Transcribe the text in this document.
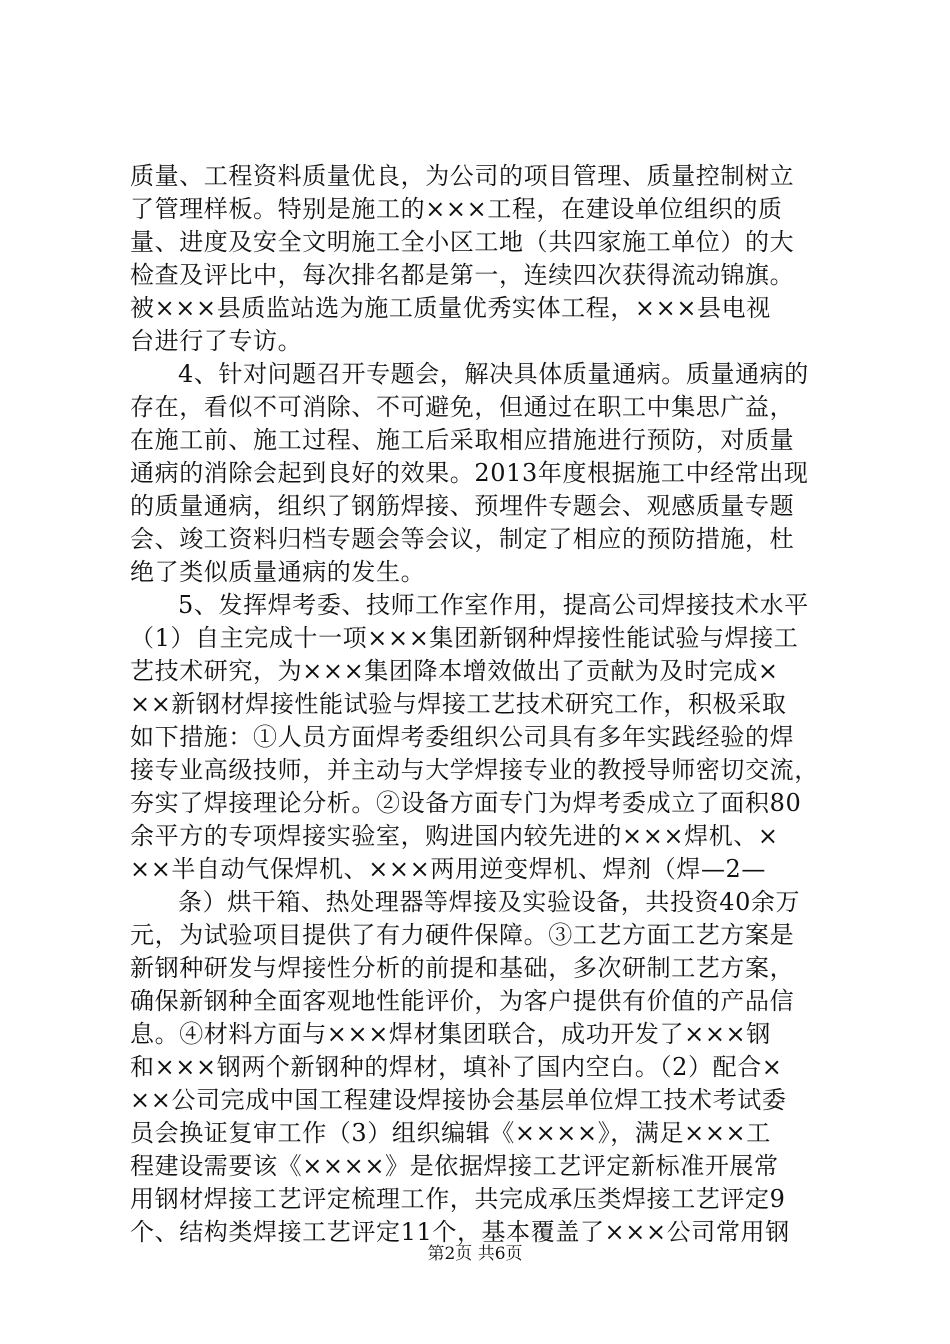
质量、工程资料质量优良，为公司的项目管理、质量控制树立
了管理样板。特别是施工的×××工程，在建设单位组织的质
量、进度及安全文明施工全小区工地（共四家施工单位）的大
检查及评比中，每次排名都是第一，连续四次获得流动锦旗。
被×××县质监站选为施工质量优秀实体工程，×××县电视
台进行了专访。
4、针对问题召开专题会，解决具体质量通病。质量通病的
存在，看似不可消除、不可避免，但通过在职工中集思广益，
在施工前、施工过程、施工后采取相应措施进行预防，对质量
通病的消除会起到良好的效果。2013年度根据施工中经常出现
的质量通病，组织了钢筋焊接、预埋件专题会、观感质量专题
会、竣工资料归档专题会等会议，制定了相应的预防措施，杜
绝了类似质量通病的发生。
5、发挥焊考委、技师工作室作用，提高公司焊接技术水平
（1）自主完成十一项×××集团新钢种焊接性能试验与焊接工
艺技术研究，为×××集团降本增效做出了贡献为及时完成×
××新钢材焊接性能试验与焊接工艺技术研究工作，积极采取
如下措施：①人员方面焊考委组织公司具有多年实践经验的焊
接专业高级技师，并主动与大学焊接专业的教授导师密切交流，
夯实了焊接理论分析。②设备方面专门为焊考委成立了面积80
余平方的专项焊接实验室，购进国内较先进的×××焊机、×
××半自动气保焊机、×××两用逆变焊机、焊剂（焊—2—
条）烘干箱、热处理器等焊接及实验设备，共投资40余万
元，为试验项目提供了有力硬件保障。③工艺方面工艺方案是
新钢种研发与焊接性分析的前提和基础，多次研制工艺方案，
确保新钢种全面客观地性能评价，为客户提供有价值的产品信
息。④材料方面与×××焊材集团联合，成功开发了×××钢
和×××钢两个新钢种的焊材，填补了国内空白。（2）配合×
××公司完成中国工程建设焊接协会基层单位焊工技术考试委
员会换证复审工作（3）组织编辑《××××》，满足×××工
程建设需要该《××××》是依据焊接工艺评定新标准开展常
用钢材焊接工艺评定梳理工作，共完成承压类焊接工艺评定9
个、结构类焊接工艺评定11个，基本覆盖了×××公司常用钢
第2页 共6页
